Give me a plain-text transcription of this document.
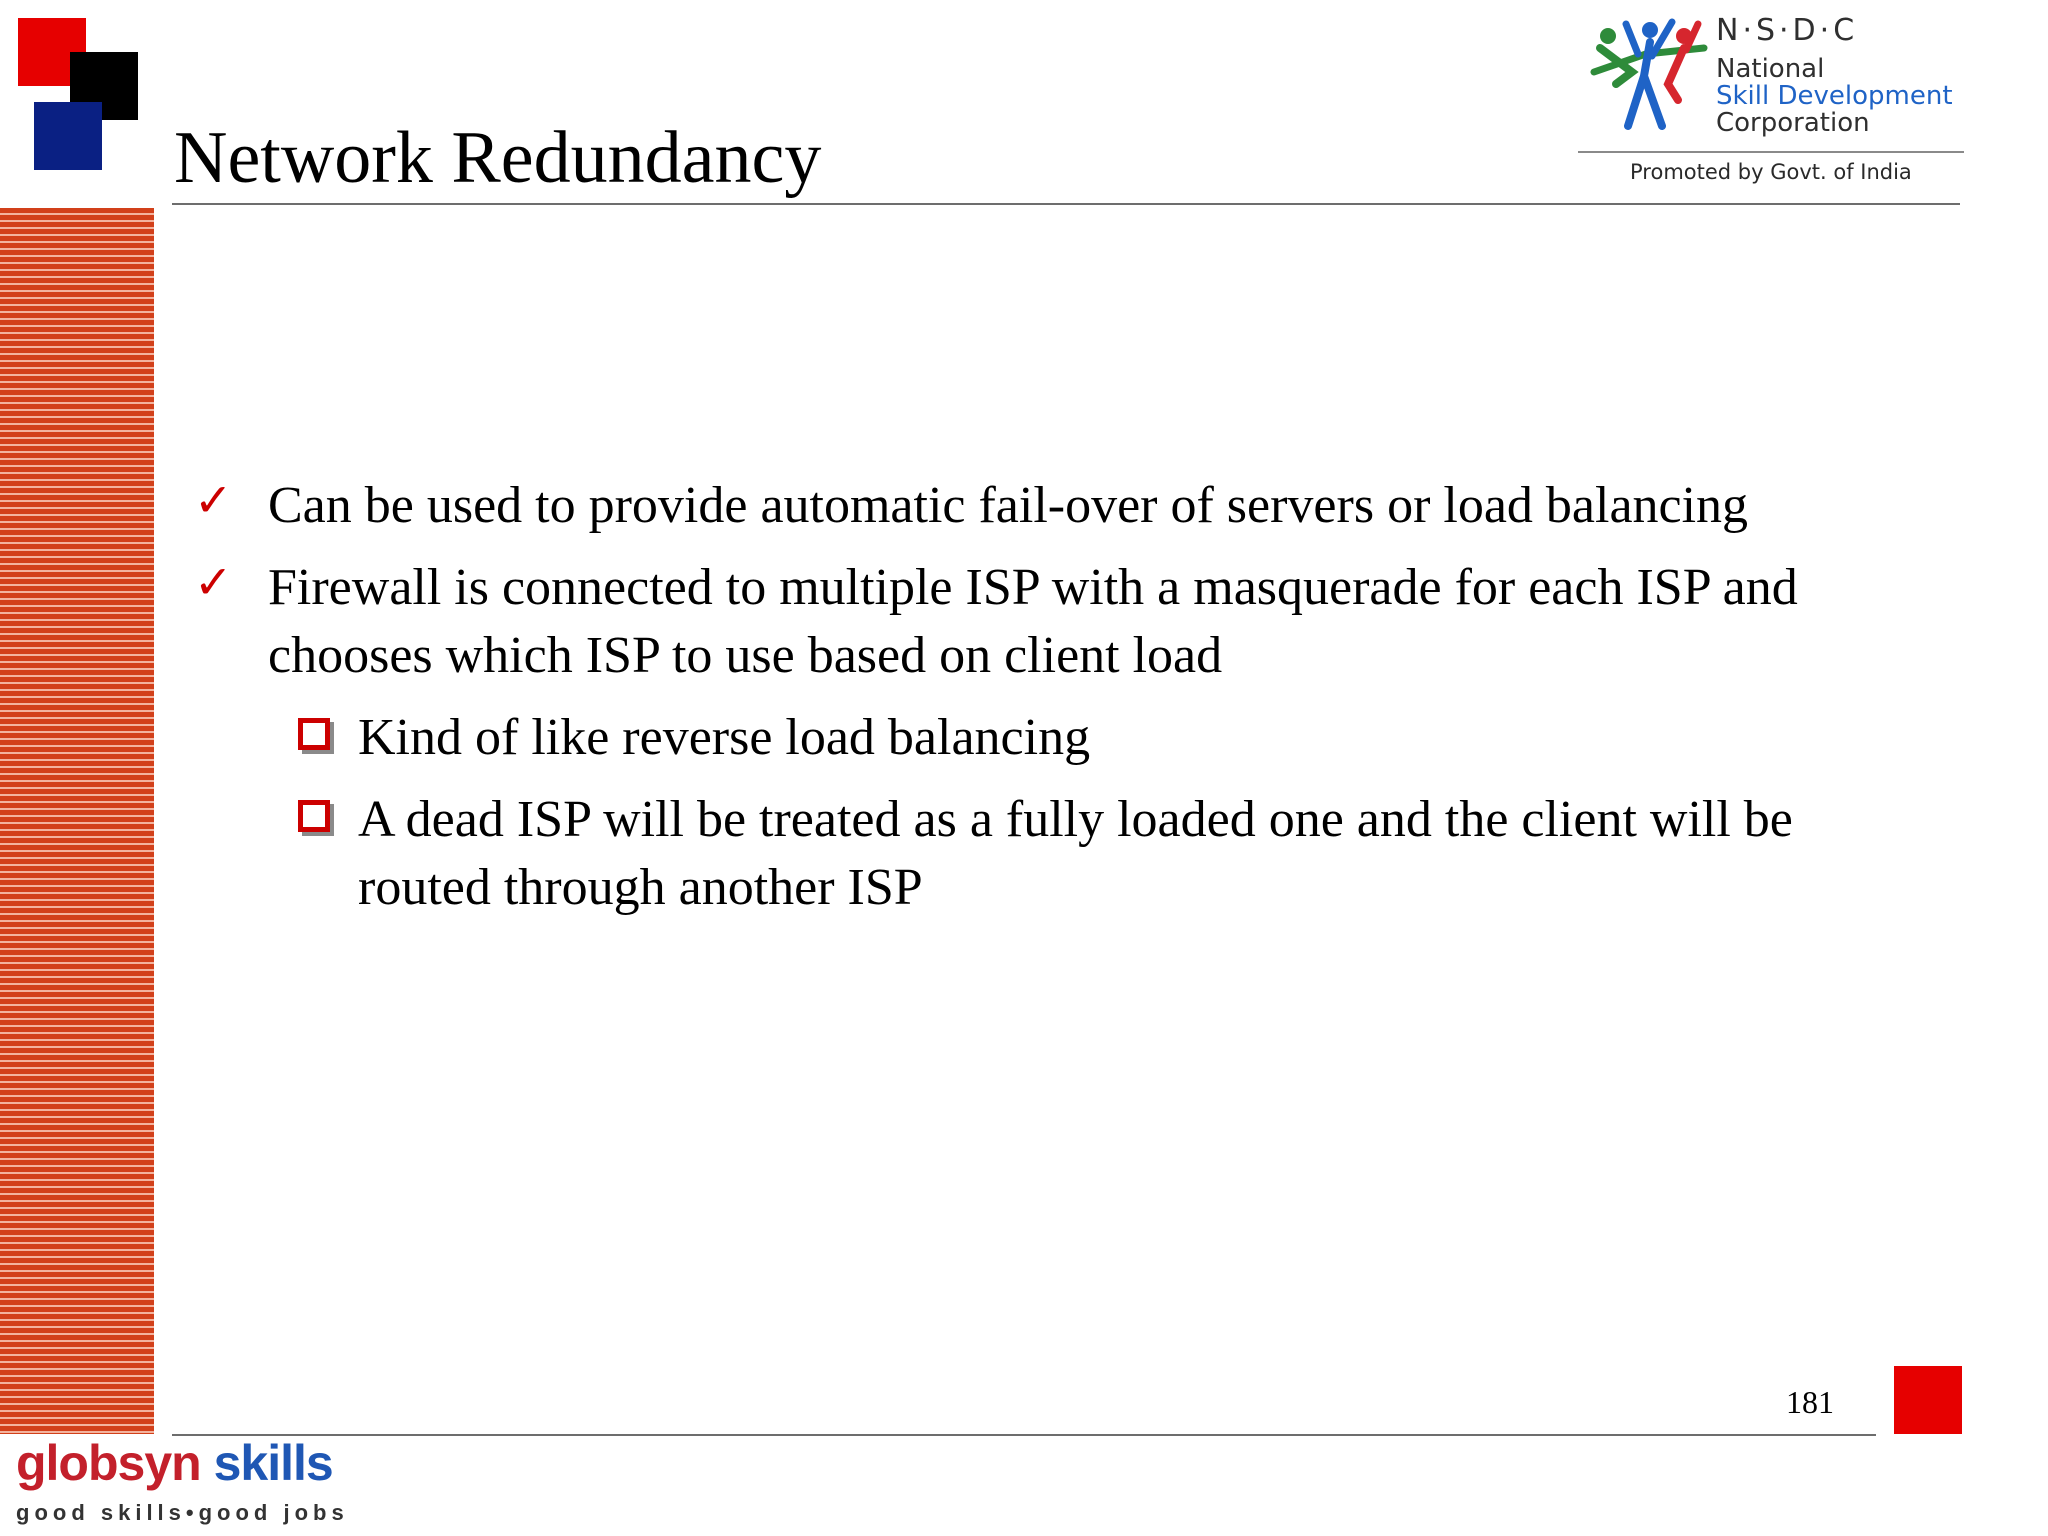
Network Redundancy
N·S·D·C
National
Skill Development
Corporation
Promoted by Govt. of India
✓ Can be used to provide automatic fail-over of servers or load balancing
✓ Firewall is connected to multiple ISP with a masquerade for each ISP and chooses which ISP to use based on client load
Kind of like reverse load balancing
A dead ISP will be treated as a fully loaded one and the client will be routed through another ISP
181
globsyn skills
good skills•good jobs
